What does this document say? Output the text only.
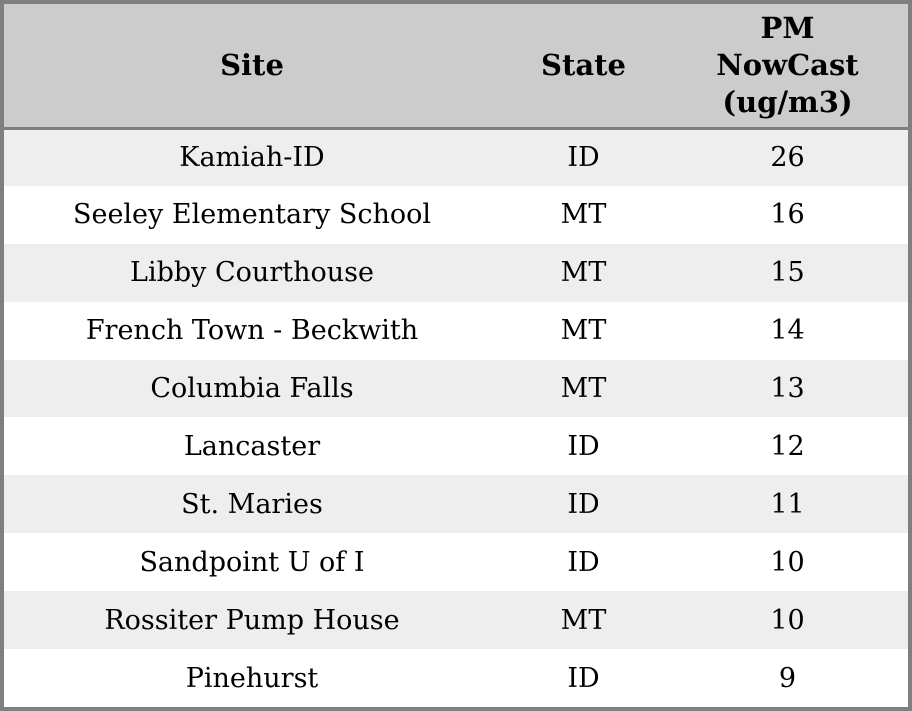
Site	State	PM NowCast (ug/m3)
Kamiah-ID	ID	26
Seeley Elementary School	MT	16
Libby Courthouse	MT	15
French Town - Beckwith	MT	14
Columbia Falls	MT	13
Lancaster	ID	12
St. Maries	ID	11
Sandpoint U of I	ID	10
Rossiter Pump House	MT	10
Pinehurst	ID	9
